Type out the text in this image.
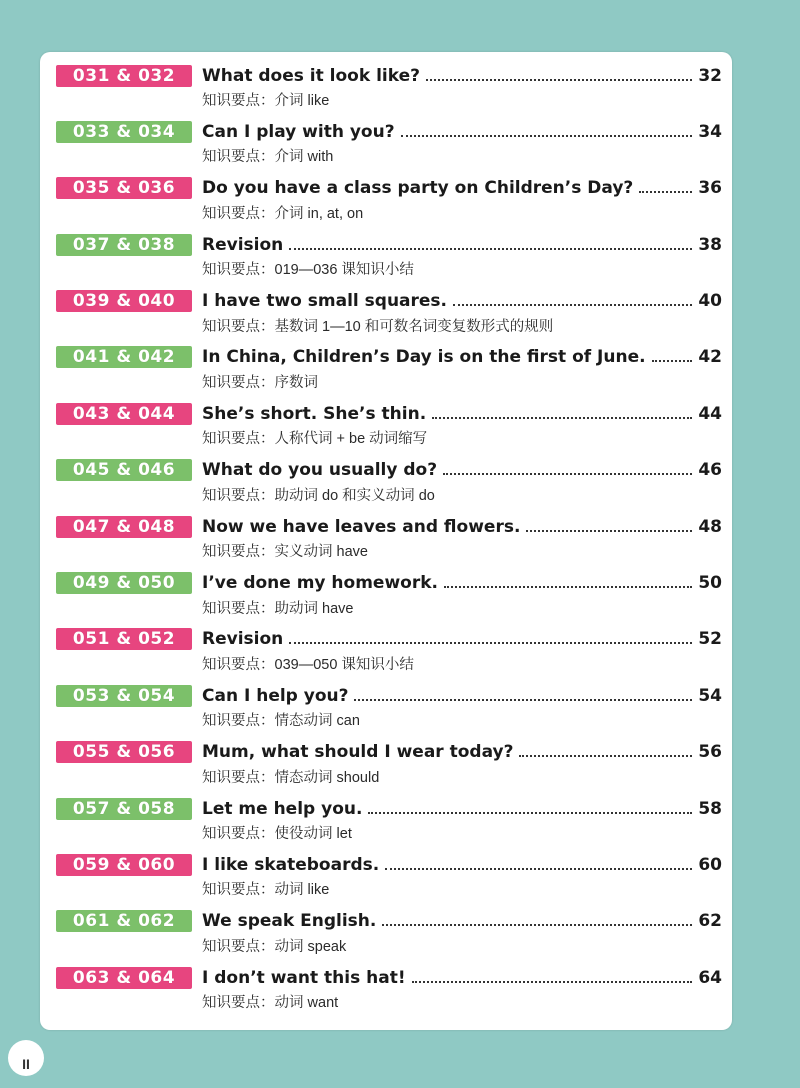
031 & 032	What does it look like?	32
知识要点：介词 like
033 & 034	Can I play with you?	34
知识要点：介词 with
035 & 036	Do you have a class party on Children’s Day?	36
知识要点：介词 in, at, on
037 & 038	Revision	38
知识要点：019—036 课知识小结
039 & 040	I have two small squares.	40
知识要点：基数词 1—10 和可数名词变复数形式的规则
041 & 042	In China, Children’s Day is on the first of June.	42
知识要点：序数词
043 & 044	She’s short. She’s thin.	44
知识要点：人称代词 + be 动词缩写
045 & 046	What do you usually do?	46
知识要点：助动词 do 和实义动词 do
047 & 048	Now we have leaves and flowers.	48
知识要点：实义动词 have
049 & 050	I’ve done my homework.	50
知识要点：助动词 have
051 & 052	Revision	52
知识要点：039—050 课知识小结
053 & 054	Can I help you?	54
知识要点：情态动词 can
055 & 056	Mum, what should I wear today?	56
知识要点：情态动词 should
057 & 058	Let me help you.	58
知识要点：使役动词 let
059 & 060	I like skateboards.	60
知识要点：动词 like
061 & 062	We speak English.	62
知识要点：动词 speak
063 & 064	I don’t want this hat!	64
知识要点：动词 want
II
